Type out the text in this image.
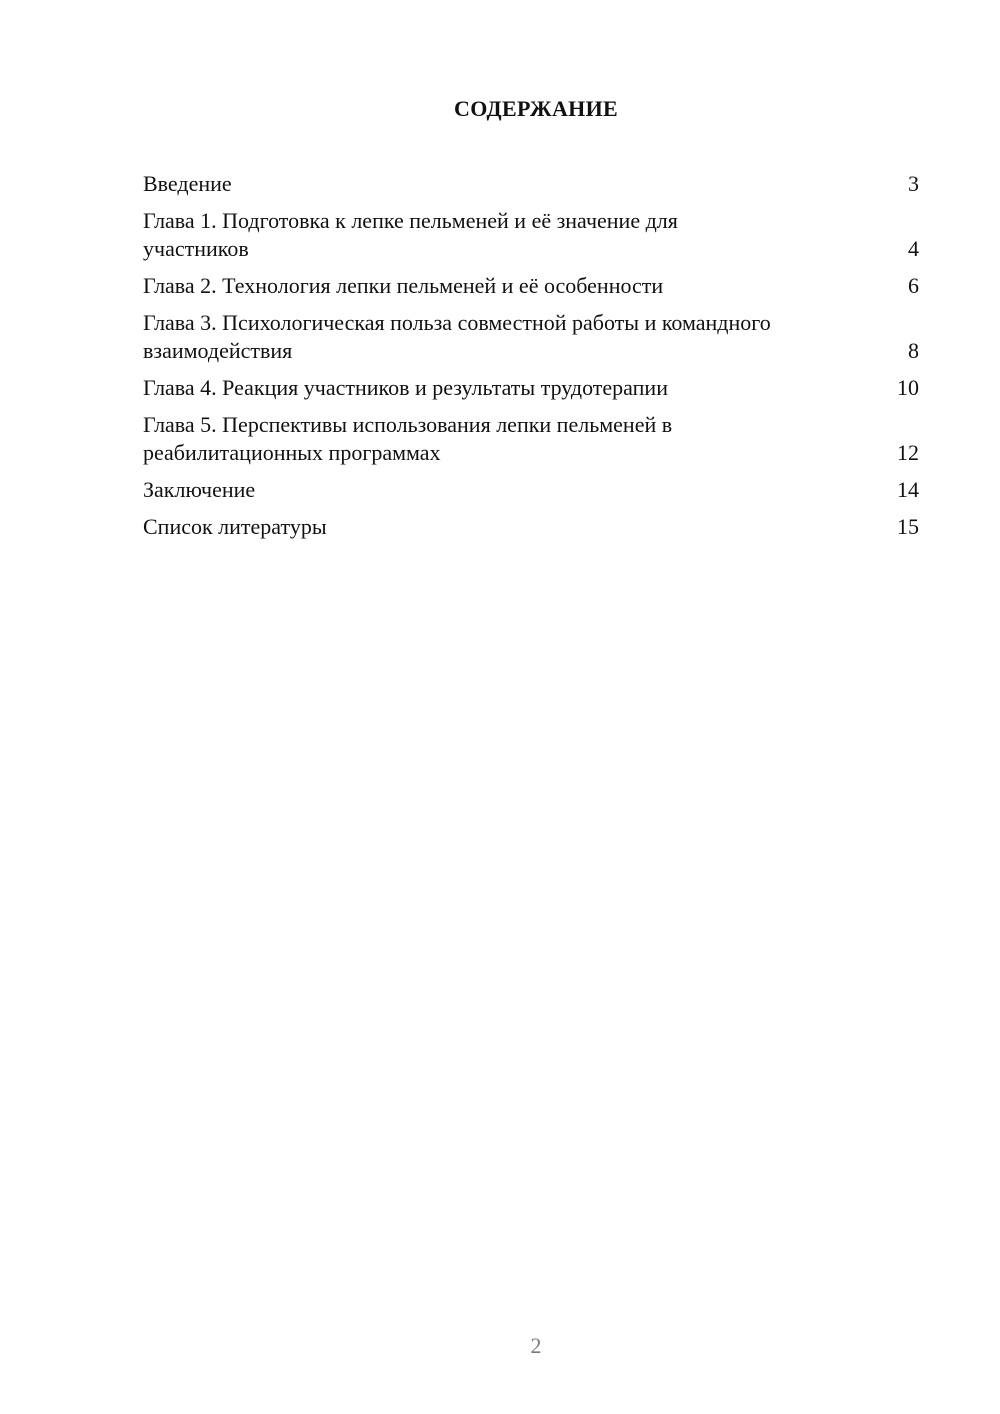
СОДЕРЖАНИЕ
Введение	3
Глава 1. Подготовка к лепке пельменей и её значение для участников	4
Глава 2. Технология лепки пельменей и её особенности	6
Глава 3. Психологическая польза совместной работы и командного взаимодействия	8
Глава 4. Реакция участников и результаты трудотерапии	10
Глава 5. Перспективы использования лепки пельменей в реабилитационных программах	12
Заключение	14
Список литературы	15
2
